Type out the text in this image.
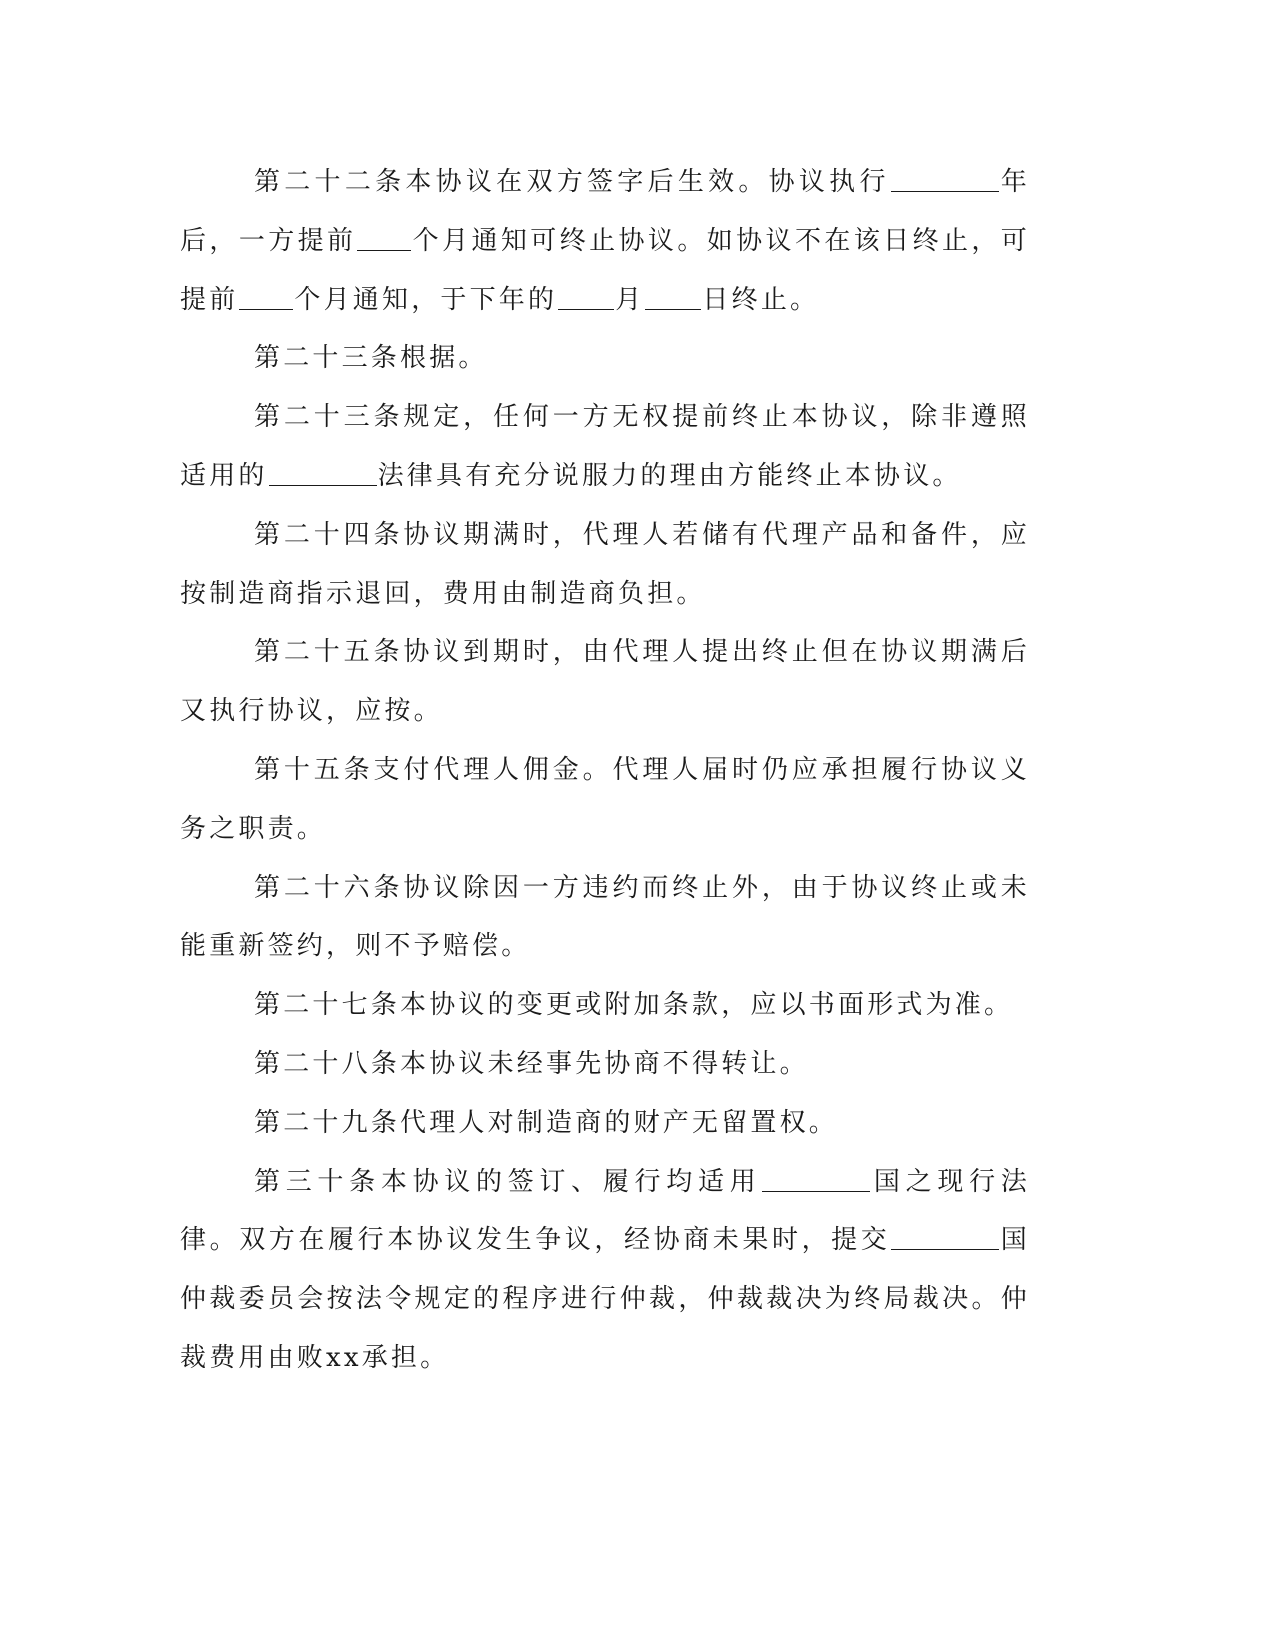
第二十二条本协议在双方签字后生效。协议执行	年后，一方提前 个月通知可终止协议。如协议不在该日终止，可提前 个月通知，于下年的 月 日终止。

第二十三条根据。

第二十三条规定，任何一方无权提前终止本协议，除非遵照适用的	法律具有充分说服力的理由方能终止本协议。

第二十四条协议期满时，代理人若储有代理产品和备件，应按制造商指示退回，费用由制造商负担。

第二十五条协议到期时，由代理人提出终止但在协议期满后又执行协议，应按。

第十五条支付代理人佣金。代理人届时仍应承担履行协议义务之职责。

第二十六条协议除因一方违约而终止外，由于协议终止或未能重新签约，则不予赔偿。

第二十七条本协议的变更或附加条款，应以书面形式为准。

第二十八条本协议未经事先协商不得转让。

第二十九条代理人对制造商的财产无留置权。

第三十条本协议的签订、履行均适用	国之现行法律。双方在履行本协议发生争议，经协商未果时，提交	国仲裁委员会按法令规定的程序进行仲裁，仲裁裁决为终局裁决。仲裁费用由败xx承担。
